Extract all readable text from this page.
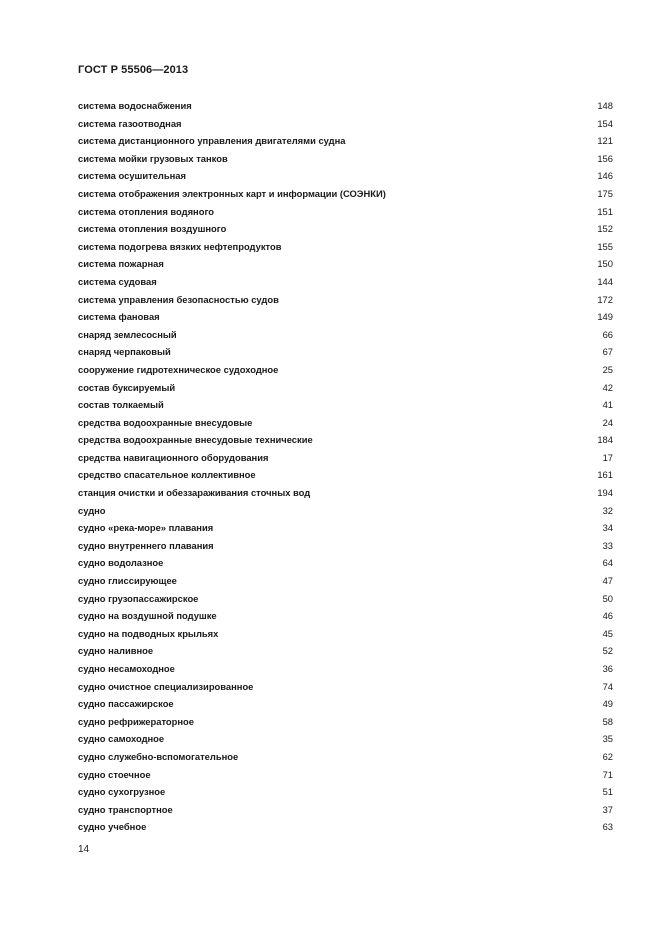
ГОСТ Р 55506—2013
система водоснабжения	148
система газоотводная	154
система дистанционного управления двигателями судна	121
система мойки грузовых танков	156
система осушительная	146
система отображения электронных карт и информации (СОЭНКИ)	175
система отопления водяного	151
система отопления воздушного	152
система подогрева вязких нефтепродуктов	155
система пожарная	150
система судовая	144
система управления безопасностью судов	172
система фановая	149
снаряд землесосный	66
снаряд черпаковый	67
сооружение гидротехническое судоходное	25
состав буксируемый	42
состав толкаемый	41
средства водоохранные внесудовые	24
средства водоохранные внесудовые технические	184
средства навигационного оборудования	17
средство спасательное коллективное	161
станция очистки и обеззараживания сточных вод	194
судно	32
судно «река-море» плавания	34
судно внутреннего плавания	33
судно водолазное	64
судно глиссирующее	47
судно грузопассажирское	50
судно на воздушной подушке	46
судно на подводных крыльях	45
судно наливное	52
судно несамоходное	36
судно очистное специализированное	74
судно пассажирское	49
судно рефрижераторное	58
судно самоходное	35
судно служебно-вспомогательное	62
судно стоечное	71
судно сухогрузное	51
судно транспортное	37
судно учебное	63
14
